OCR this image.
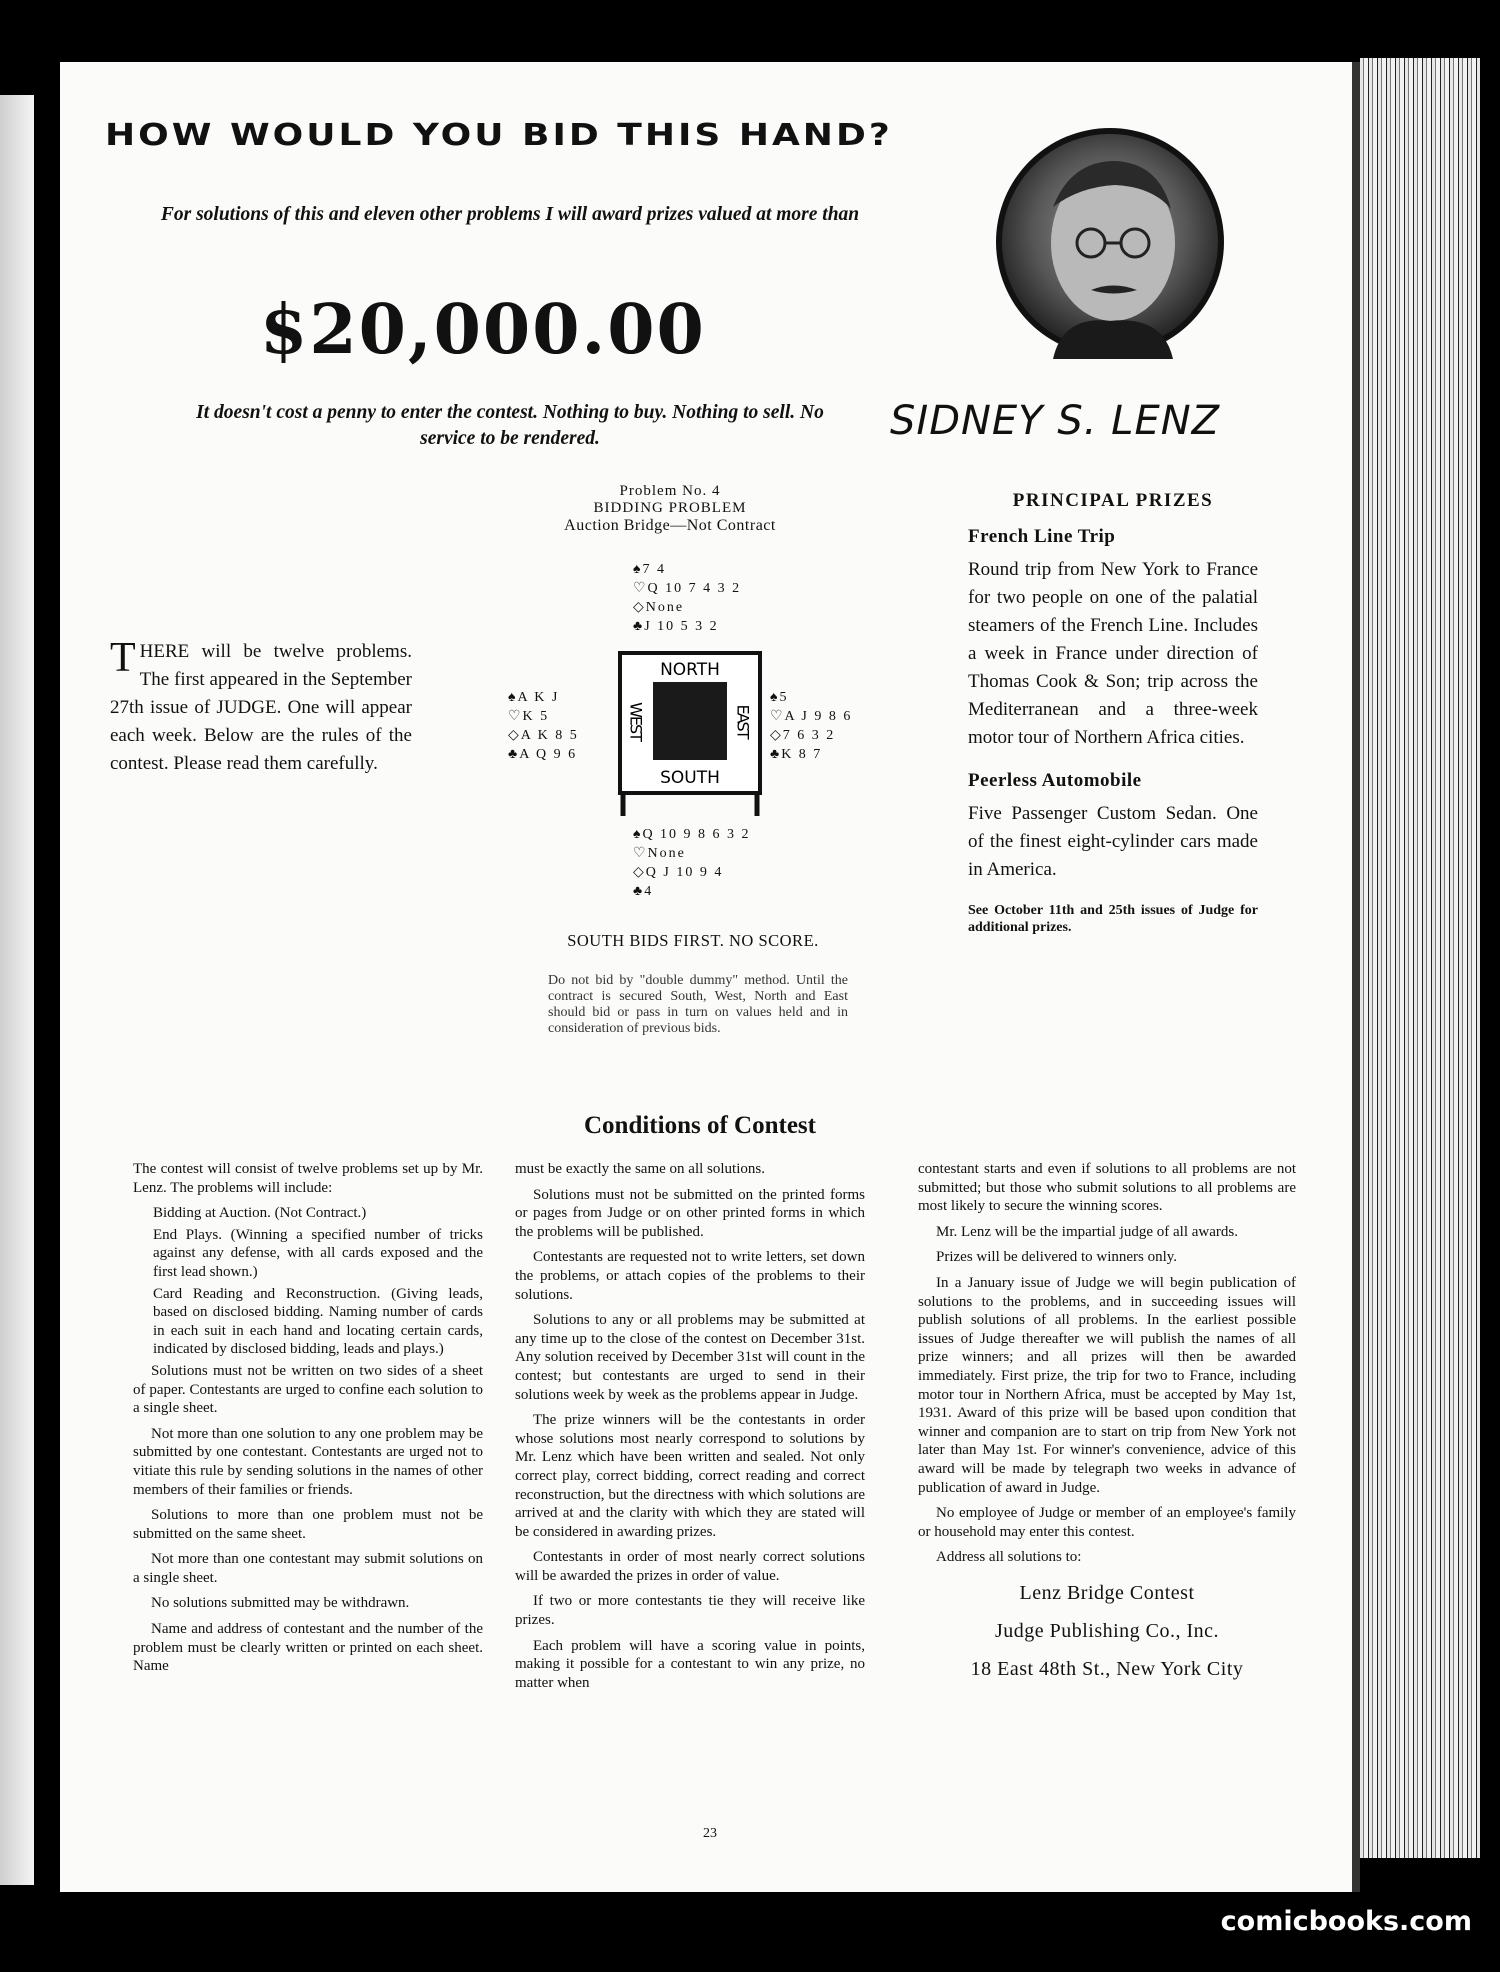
HOW WOULD YOU BID THIS HAND?
For solutions of this and eleven other problems I will award prizes valued at more than
$20,000.00
It doesn't cost a penny to enter the contest. Nothing to buy. Nothing to sell. No service to be rendered.	SIDNEY S. LENZ
Problem No. 4
BIDDING PROBLEM
Auction Bridge—Not Contract
♠7 4
♡Q 10 7 4 3 2
◇None
♣J 10 5 3 2
♠A K J
♡K 5
◇A K 8 5
♣A Q 9 6
♠5
♡A J 9 8 6
◇7 6 3 2
♣K 8 7
♠Q 10 9 8 6 3 2
♡None
◇Q J 10 9 4
♣4
NORTH
SOUTH
WEST	EAST
SOUTH BIDS FIRST. NO SCORE.
Do not bid by "double dummy" method. Until the contract is secured South, West, North and East should bid or pass in turn on values held and in consideration of previous bids.
THERE will be twelve problems. The first appeared in the September 27th issue of JUDGE. One will appear each week. Below are the rules of the contest. Please read them carefully.
PRINCIPAL PRIZES
French Line Trip

Round trip from New York to France for two people on one of the palatial steamers of the French Line. Includes a week in France under direction of Thomas Cook & Son; trip across the Mediterranean and a three-week motor tour of Northern Africa cities.

Peerless Automobile

Five Passenger Custom Sedan. One of the finest eight-cylinder cars made in America.

See October 11th and 25th issues of Judge for additional prizes.

Conditions of Contest

The contest will consist of twelve problems set up by Mr. Lenz. The problems will include:

Bidding at Auction. (Not Contract.)

End Plays. (Winning a specified number of tricks against any defense, with all cards exposed and the first lead shown.)

Card Reading and Reconstruction. (Giving leads, based on disclosed bidding. Naming number of cards in each suit in each hand and locating certain cards, indicated by disclosed bidding, leads and plays.)

Solutions must not be written on two sides of a sheet of paper. Contestants are urged to confine each solution to a single sheet.

Not more than one solution to any one problem may be submitted by one contestant. Contestants are urged not to vitiate this rule by sending solutions in the names of other members of their families or friends.

Solutions to more than one problem must not be submitted on the same sheet.

Not more than one contestant may submit solutions on a single sheet.

No solutions submitted may be withdrawn.

Name and address of contestant and the number of the problem must be clearly written or printed on each sheet. Name

must be exactly the same on all solutions.

Solutions must not be submitted on the printed forms or pages from Judge or on other printed forms in which the problems will be published.

Contestants are requested not to write letters, set down the problems, or attach copies of the problems to their solutions.

Solutions to any or all problems may be submitted at any time up to the close of the contest on December 31st. Any solution received by December 31st will count in the contest; but contestants are urged to send in their solutions week by week as the problems appear in Judge.

The prize winners will be the contestants in order whose solutions most nearly correspond to solutions by Mr. Lenz which have been written and sealed. Not only correct play, correct bidding, correct reading and correct reconstruction, but the directness with which solutions are arrived at and the clarity with which they are stated will be considered in awarding prizes.

Contestants in order of most nearly correct solutions will be awarded the prizes in order of value.

If two or more contestants tie they will receive like prizes.

Each problem will have a scoring value in points, making it possible for a contestant to win any prize, no matter when

contestant starts and even if solutions to all problems are not submitted; but those who submit solutions to all problems are most likely to secure the winning scores.

Mr. Lenz will be the impartial judge of all awards.

Prizes will be delivered to winners only.

In a January issue of Judge we will begin publication of solutions to the problems, and in succeeding issues will publish solutions of all problems. In the earliest possible issues of Judge thereafter we will publish the names of all prize winners; and all prizes will then be awarded immediately. First prize, the trip for two to France, including motor tour in Northern Africa, must be accepted by May 1st, 1931. Award of this prize will be based upon condition that winner and companion are to start on trip from New York not later than May 1st. For winner's convenience, advice of this award will be made by telegraph two weeks in advance of publication of award in Judge.

No employee of Judge or member of an employee's family or household may enter this contest.

Address all solutions to:

Lenz Bridge Contest
Judge Publishing Co., Inc.
18 East 48th St., New York City
23
comicbooks.com
